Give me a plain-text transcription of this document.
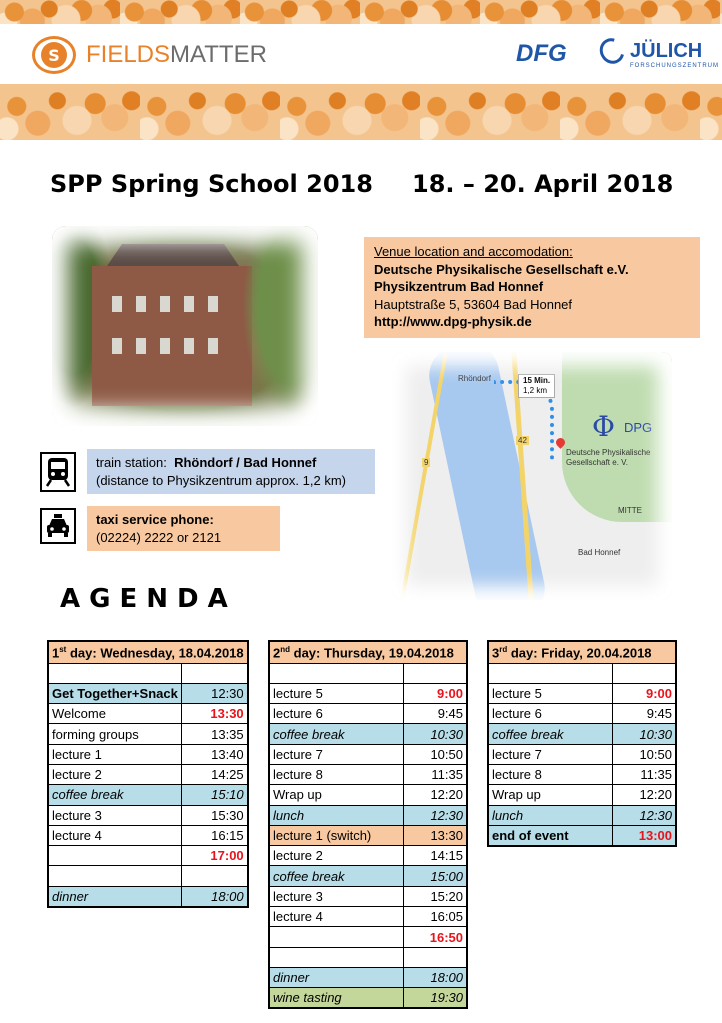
S	FIELDSMATTER	DFG	JÜLICH
FORSCHUNGSZENTRUM
SPP Spring School 2018 18. – 20. April 2018
Venue location and accomodation:
Deutsche Physikalische Gesellschaft e.V.
Physikzentrum Bad Honnef
Hauptstraße 5, 53604 Bad Honnef
http://www.dpg-physik.de
Rhöndorf	15 Min.
1,2 km
Deutsche Physikalische
Gesellschaft e. V.
MITTE
Bad Honnef
42
9
Φ DPG
train station: Rhöndorf / Bad Honnef
(distance to Physikzentrum approx. 1,2 km)
taxi service phone:
(02224) 2222 or 2121
AGENDA
1st day: Wednesday, 18.04.2018	

Get Together+Snack	12:30
Welcome	13:30
forming groups	13:35
lecture 1	13:40
lecture 2	14:25
coffee break	15:10
lecture 3	15:30
lecture 4	16:15
	17:00

dinner	18:00
2nd day: Thursday, 19.04.2018	

lecture 5	9:00
lecture 6	9:45
coffee break	10:30
lecture 7	10:50
lecture 8	11:35
Wrap up	12:20
lunch	12:30
lecture 1 (switch)	13:30
lecture 2	14:15
coffee break	15:00
lecture 3	15:20
lecture 4	16:05
	16:50

dinner	18:00
wine tasting	19:30
3rd day: Friday, 20.04.2018	

lecture 5	9:00
lecture 6	9:45
coffee break	10:30
lecture 7	10:50
lecture 8	11:35
Wrap up	12:20
lunch	12:30
end of event	13:00
